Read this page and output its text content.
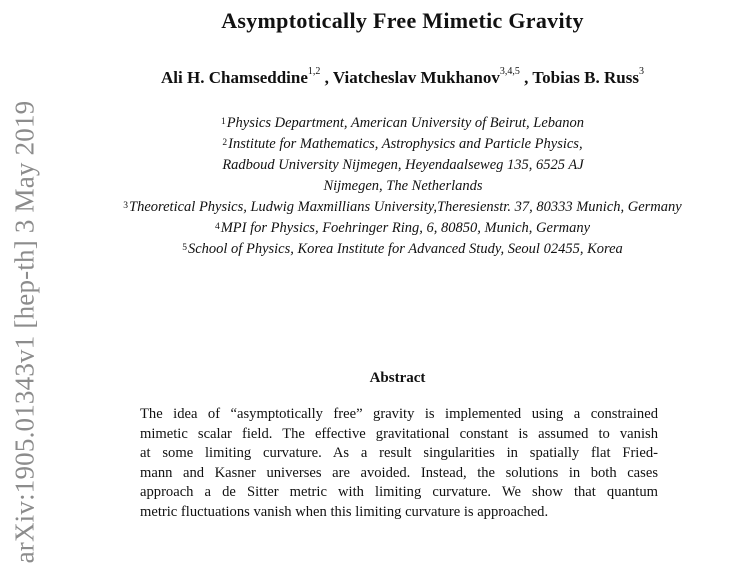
arXiv:1905.01343v1 [hep-th] 3 May 2019
Asymptotically Free Mimetic Gravity
Ali H. Chamseddine$^{1,2}$ , Viatcheslav Mukhanov$^{3,4,5}$ , Tobias B. Russ$^3$
$^1$Physics Department, American University of Beirut, Lebanon
$^2$Institute for Mathematics, Astrophysics and Particle Physics,
Radboud University Nijmegen, Heyendaalseweg 135, 6525 AJ
Nijmegen, The Netherlands
$^3$Theoretical Physics, Ludwig Maxmillians University,Theresienstr. 37, 80333 Munich, Germany
$^4$MPI for Physics, Foehringer Ring, 6, 80850, Munich, Germany
$^5$School of Physics, Korea Institute for Advanced Study, Seoul 02455, Korea
Abstract
The idea of “asymptotically free” gravity is implemented using a constrained
mimetic scalar field. The effective gravitational constant is assumed to vanish
at some limiting curvature. As a result singularities in spatially flat Fried-
mann and Kasner universes are avoided. Instead, the solutions in both cases
approach a de Sitter metric with limiting curvature. We show that quantum
metric fluctuations vanish when this limiting curvature is approached.
